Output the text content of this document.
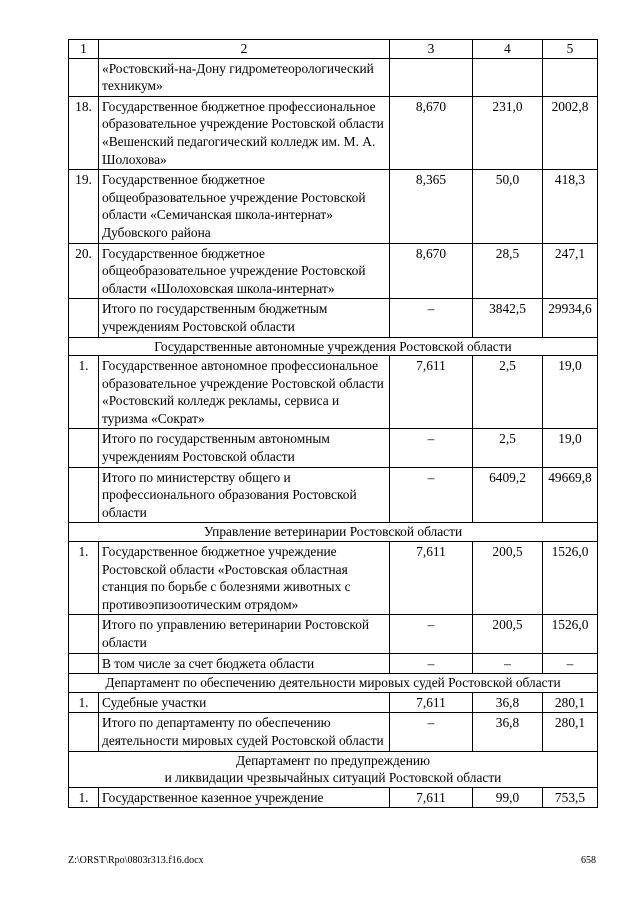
1	2	3	4	5
	«Ростовский-на-Дону гидрометеорологический техникум»			
18.	Государственное бюджетное профессиональное образовательное учреждение Ростовской области «Вешенский педагогический колледж им. М. А. Шолохова»	8,670	231,0	2002,8
19.	Государственное бюджетное общеобразовательное учреждение Ростовской области «Семичанская школа-интернат» Дубовского района	8,365	50,0	418,3
20.	Государственное бюджетное общеобразовательное учреждение Ростовской области «Шолоховская школа-интернат»	8,670	28,5	247,1
	Итого по государственным бюджетным учреждениям Ростовской области	–	3842,5	29934,6
Государственные автономные учреждения Ростовской области				
1.	Государственное автономное профессиональное образовательное учреждение Ростовской области «Ростовский колледж рекламы, сервиса и туризма «Сократ»	7,611	2,5	19,0
	Итого по государственным автономным учреждениям Ростовской области	–	2,5	19,0
	Итого по министерству общего и профессионального образования Ростовской области	–	6409,2	49669,8
Управление ветеринарии Ростовской области				
1.	Государственное бюджетное учреждение Ростовской области «Ростовская областная станция по борьбе с болезнями животных с противоэпизоотическим отрядом»	7,611	200,5	1526,0
	Итого по управлению ветеринарии Ростовской области	–	200,5	1526,0
	В том числе за счет бюджета области	–	–	–
Департамент по обеспечению деятельности мировых судей Ростовской области				
1.	Судебные участки	7,611	36,8	280,1
	Итого по департаменту по обеспечению деятельности мировых судей Ростовской области	–	36,8	280,1

Департамент по предупреждению
и ликвидации чрезвычайных ситуаций Ростовской области				

1.	Государственное казенное учреждение	7,611	99,0	753,5
Z:\ORST\Rpo\0803r313.f16.docx	658
